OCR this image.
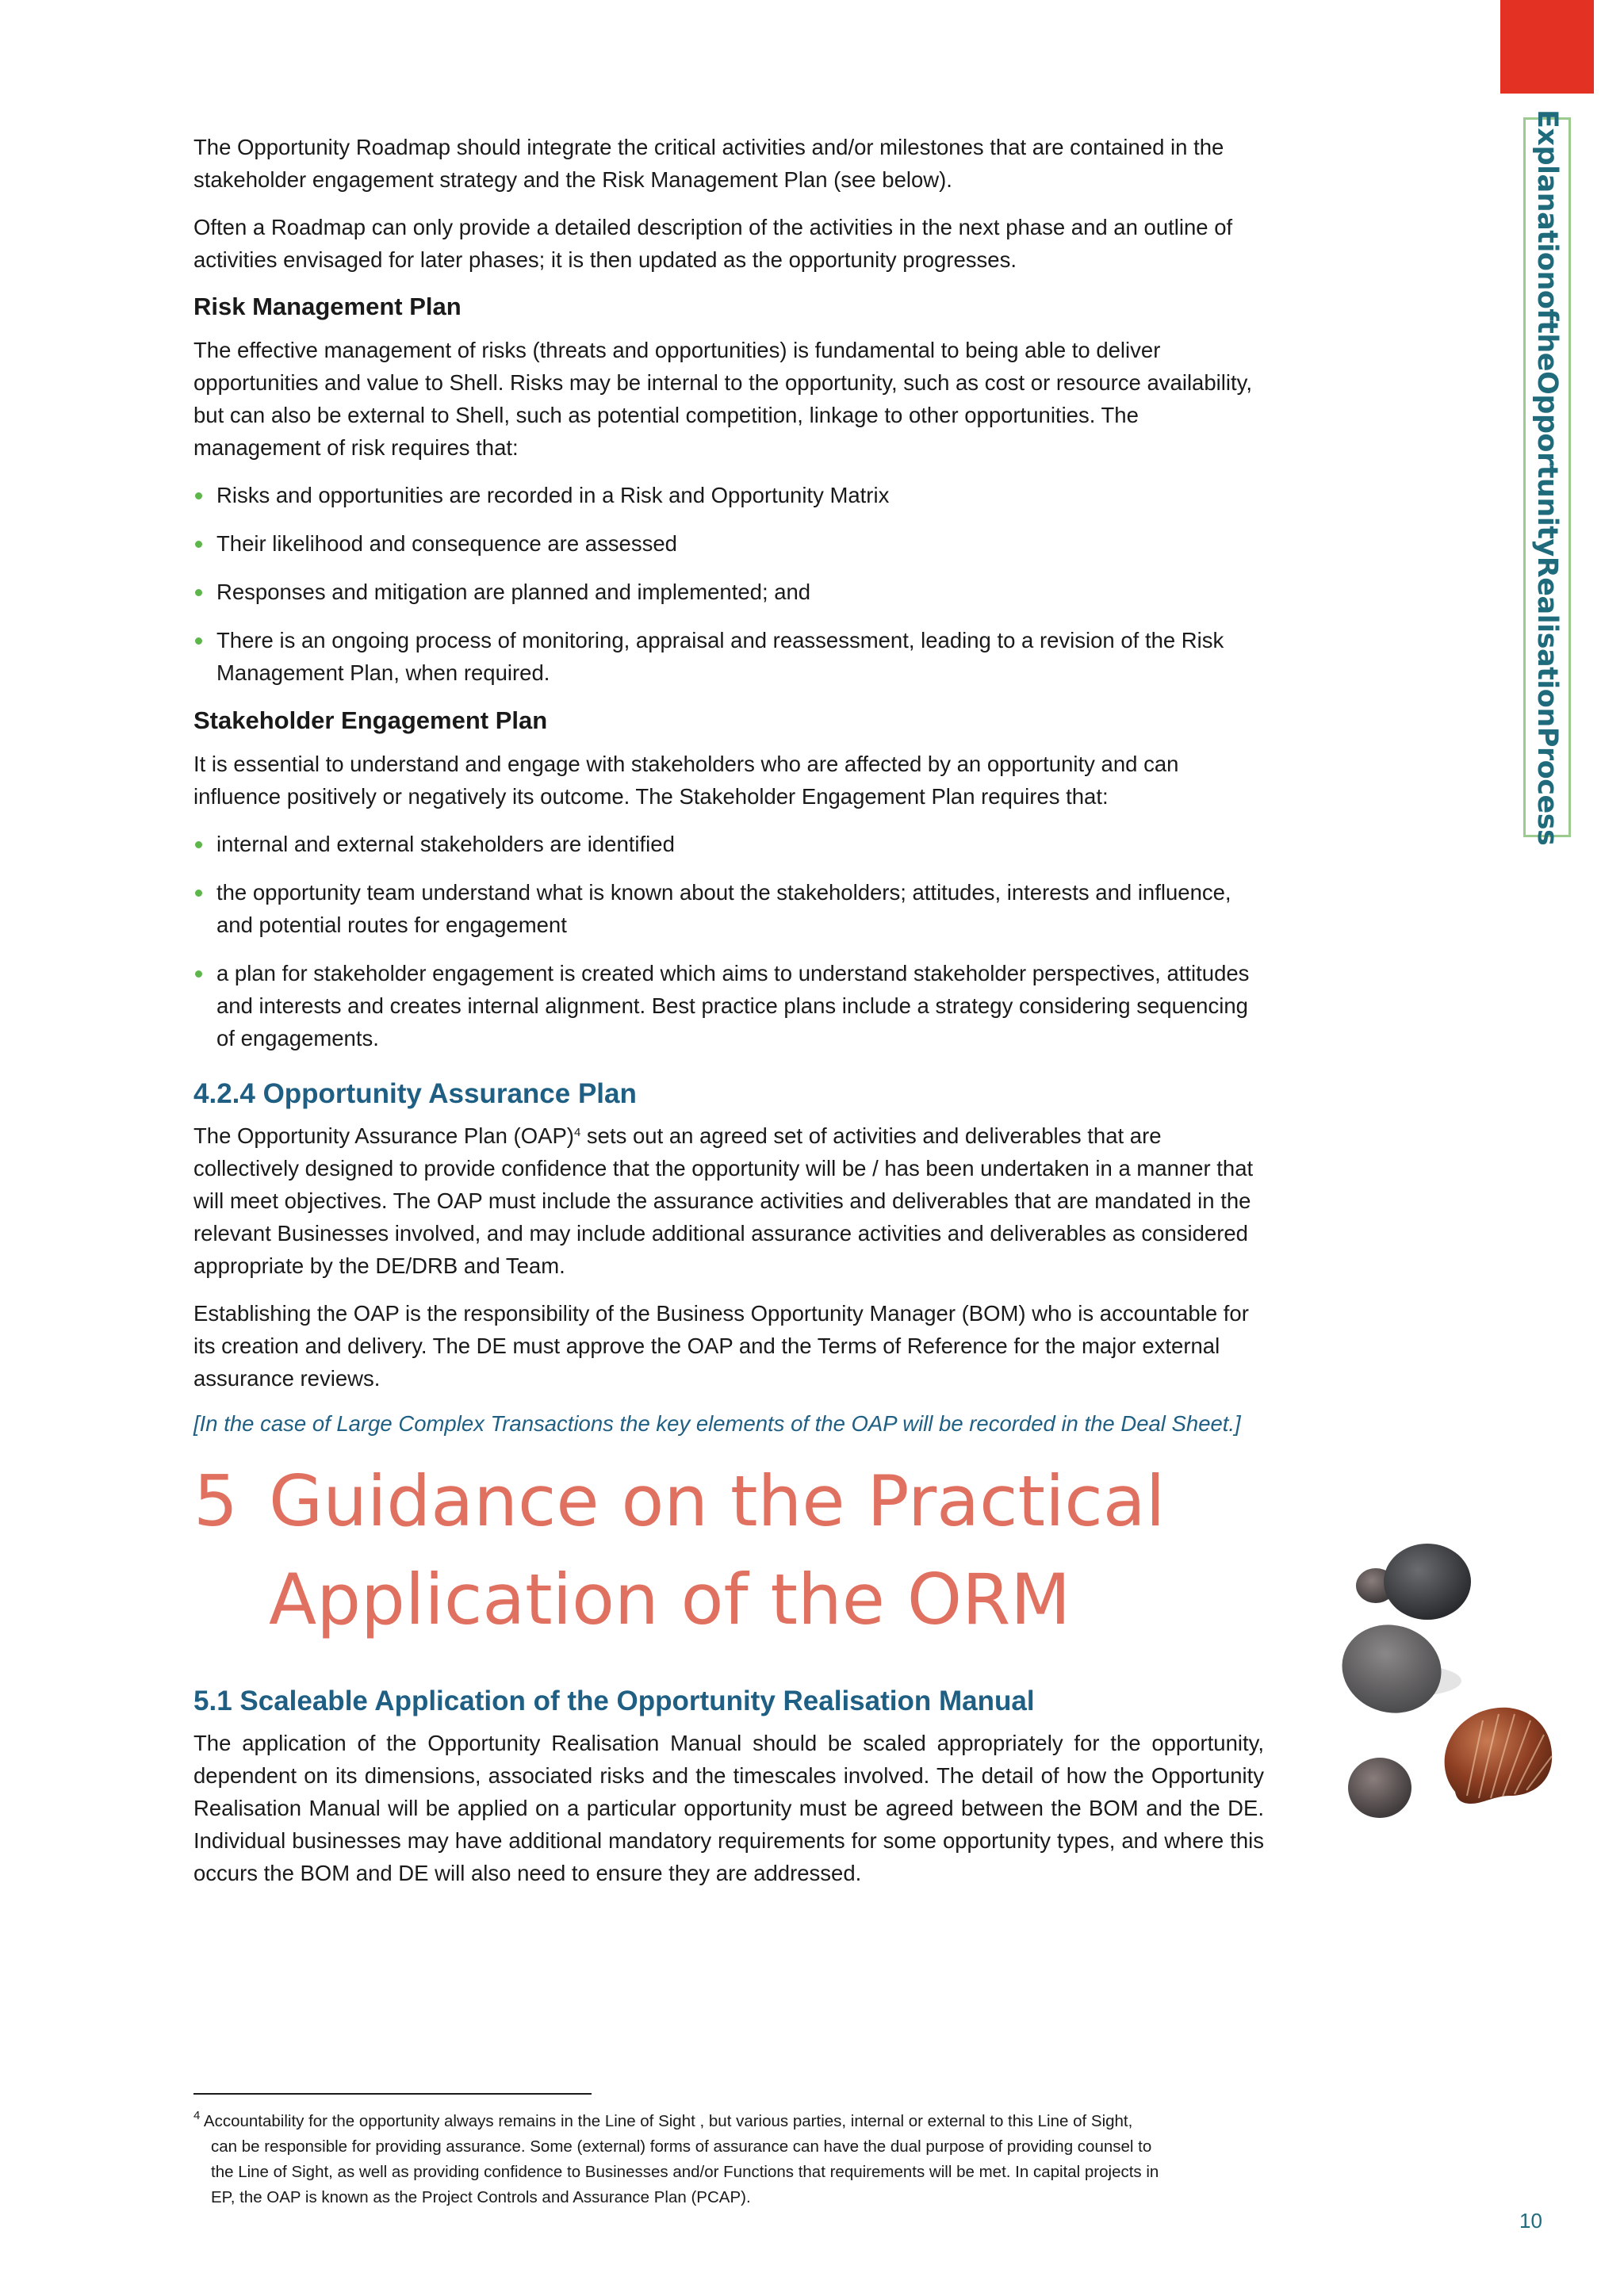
ExplanationoftheOpportunityRealisationProcess

The Opportunity Roadmap should integrate the critical activities and/or milestones that are contained in the stakeholder engagement strategy and the Risk Management Plan (see below).

Often a Roadmap can only provide a detailed description of the activities in the next phase and an outline of activities envisaged for later phases; it is then updated as the opportunity progresses.

Risk Management Plan

The effective management of risks (threats and opportunities) is fundamental to being able to deliver opportunities and value to Shell. Risks may be internal to the opportunity, such as cost or resource availability, but can also be external to Shell, such as potential competition, linkage to other opportunities. The management of risk requires that:

Risks and opportunities are recorded in a Risk and Opportunity Matrix
Their likelihood and consequence are assessed
Responses and mitigation are planned and implemented; and
There is an ongoing process of monitoring, appraisal and reassessment, leading to a revision of the Risk Management Plan, when required.
Stakeholder Engagement Plan

It is essential to understand and engage with stakeholders who are affected by an opportunity and can influence positively or negatively its outcome. The Stakeholder Engagement Plan requires that:

internal and external stakeholders are identified
the opportunity team understand what is known about the stakeholders; attitudes, interests and influence, and potential routes for engagement
a plan for stakeholder engagement is created which aims to understand stakeholder perspectives, attitudes and interests and creates internal alignment. Best practice plans include a strategy considering sequencing of engagements.
4.2.4 Opportunity Assurance Plan

The Opportunity Assurance Plan (OAP)$^4$ sets out an agreed set of activities and deliverables that are collectively designed to provide confidence that the opportunity will be / has been undertaken in a manner that will meet objectives. The OAP must include the assurance activities and deliverables that are mandated in the relevant Businesses involved, and may include additional assurance activities and deliverables as considered appropriate by the DE/DRB and Team.

Establishing the OAP is the responsibility of the Business Opportunity Manager (BOM) who is accountable for its creation and delivery. The DE must approve the OAP and the Terms of Reference for the major external assurance reviews.

[In the case of Large Complex Transactions the key elements of the OAP will be recorded in the Deal Sheet.]
5 Guidance on the Practical
Application of the ORM
5.1 Scaleable Application of the Opportunity Realisation Manual

The application of the Opportunity Realisation Manual should be scaled appropriately for the opportunity, dependent on its dimensions, associated risks and the timescales involved. The detail of how the Opportunity Realisation Manual will be applied on a particular opportunity must be agreed between the BOM and the DE. Individual businesses may have additional mandatory requirements for some opportunity types, and where this occurs the BOM and DE will also need to ensure they are addressed.

$^4$ Accountability for the opportunity always remains in the Line of Sight , but various parties, internal or external to this Line of Sight,
can be responsible for providing assurance. Some (external) forms of assurance can have the dual purpose of providing counsel to
the Line of Sight, as well as providing confidence to Businesses and/or Functions that requirements will be met. In capital projects in
EP, the OAP is known as the Project Controls and Assurance Plan (PCAP).
10
